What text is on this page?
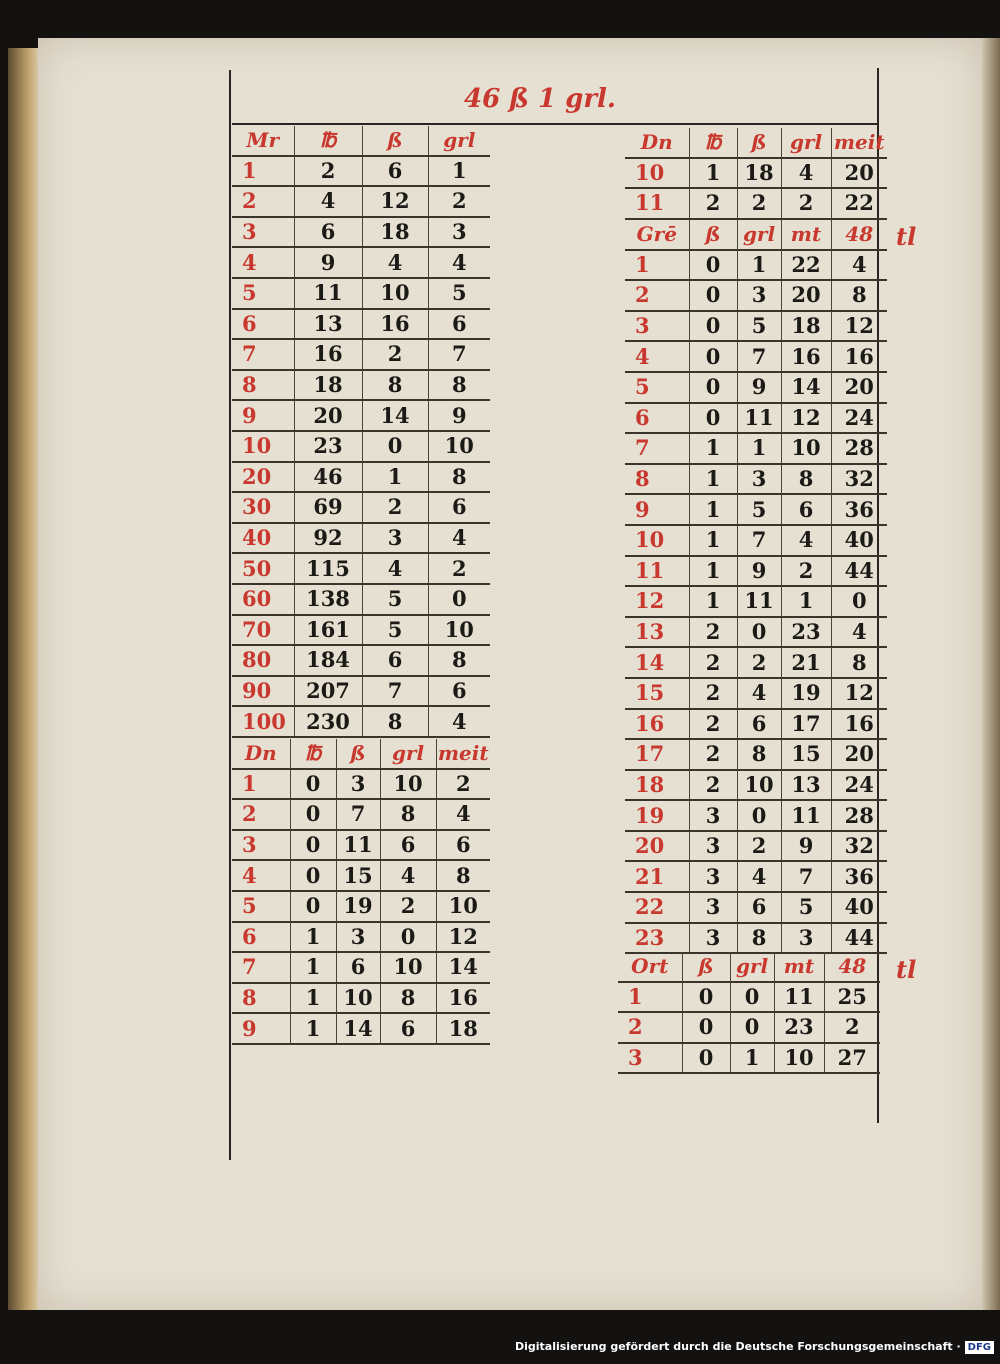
46 ß 1 grl.
Mr	℔	ß	grl
1	2	6	1
2	4	12	2
3	6	18	3
4	9	4	4
5	11	10	5
6	13	16	6
7	16	2	7
8	18	8	8
9	20	14	9
10	23	0	10
20	46	1	8
30	69	2	6
40	92	3	4
50	115	4	2
60	138	5	0
70	161	5	10
80	184	6	8
90	207	7	6
100	230	8	4
Dn	℔	ß	grl	meit
1	0	3	10	2
2	0	7	8	4
3	0	11	6	6
4	0	15	4	8
5	0	19	2	10
6	1	3	0	12
7	1	6	10	14
8	1	10	8	16
9	1	14	6	18
Dn	℔	ß	grl	meit
10	1	18	4	20
11	2	2	2	22
Grē	ß	grl	mt	48
1	0	1	22	4
2	0	3	20	8
3	0	5	18	12
4	0	7	16	16
5	0	9	14	20
6	0	11	12	24
7	1	1	10	28
8	1	3	8	32
9	1	5	6	36
10	1	7	4	40
11	1	9	2	44
12	1	11	1	0
13	2	0	23	4
14	2	2	21	8
15	2	4	19	12
16	2	6	17	16
17	2	8	15	20
18	2	10	13	24
19	3	0	11	28
20	3	2	9	32
21	3	4	7	36
22	3	6	5	40
23	3	8	3	44
tl
Ort	ß	grl	mt	48
1	0	0	11	25
2	0	0	23	2
3	0	1	10	27
tl
Digitalisierung gefördert durch die Deutsche Forschungsgemeinschaft · DFG
